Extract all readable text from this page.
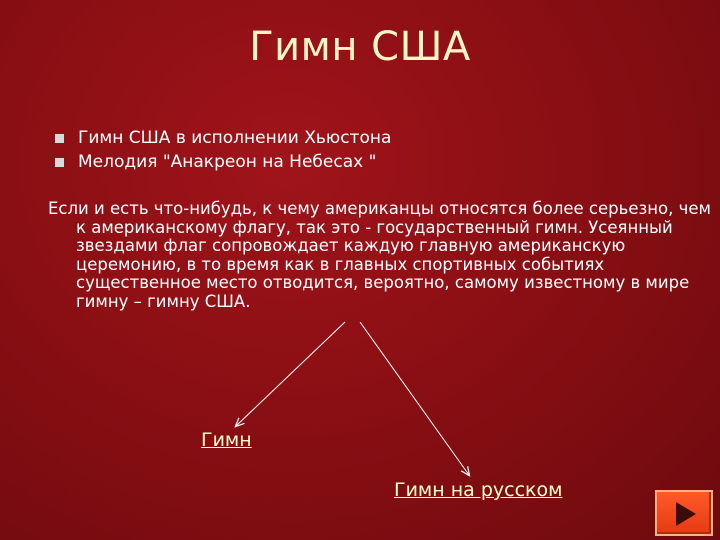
Гимн США
Гимн США в исполнении Хьюстона
Мелодия "Анакреон на Небесах "

Если и есть что-нибудь, к чему американцы относятся более серьезно, чем к американскому флагу, так это - государственный гимн. Усеянный звездами флаг сопровождает каждую главную американскую церемонию, в то время как в главных спортивных событиях существенное место отводится, вероятно, самому известному в мире гимну – гимну США.

Гимн
Гимн на русском
